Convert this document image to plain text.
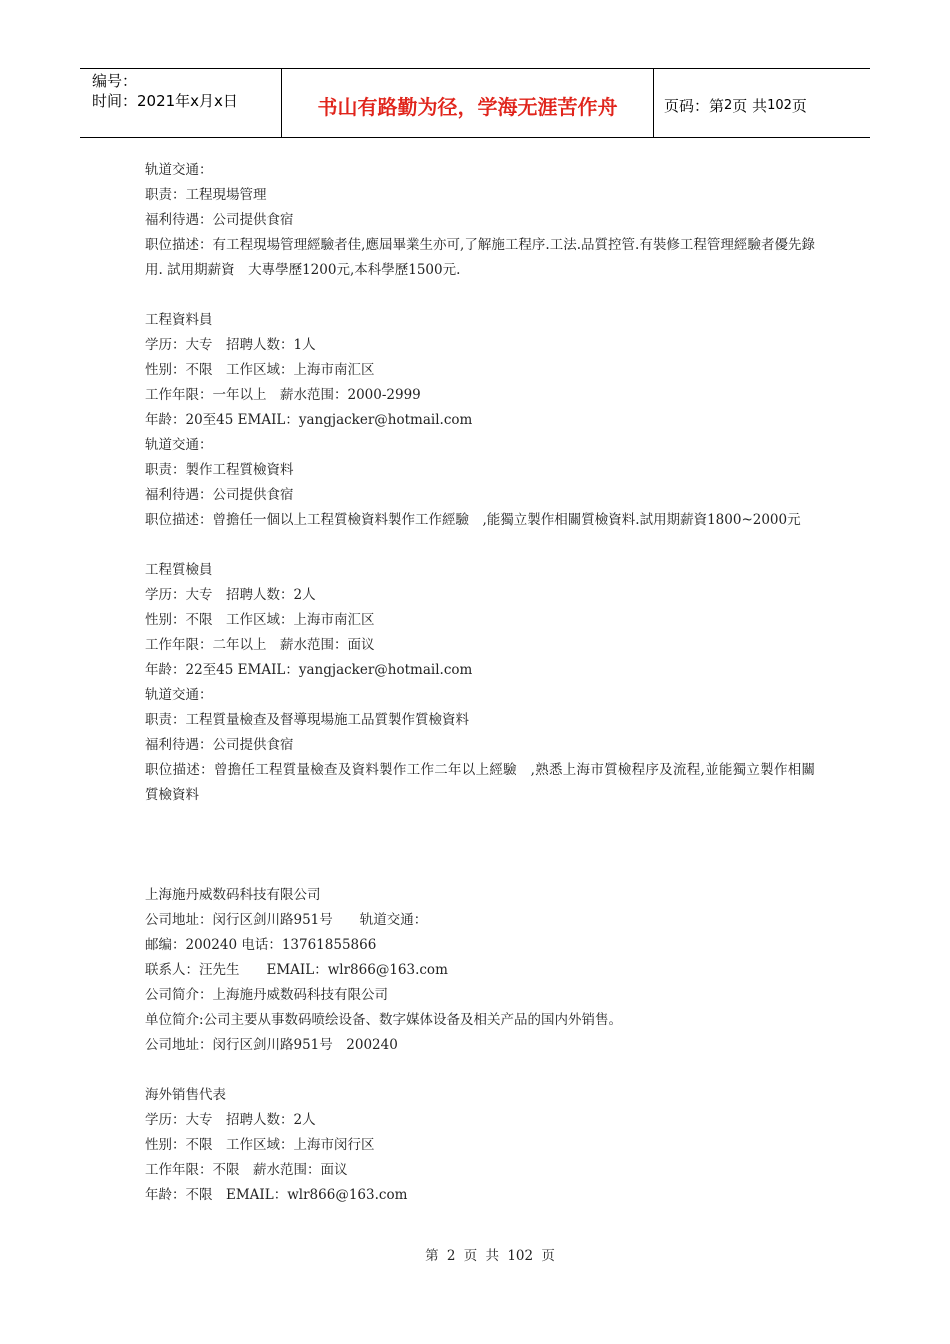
编号：
时间：2021年x月x日	书山有路勤为径，学海无涯苦作舟	页码：第 2 页 共 102 页
轨道交通：
职责：工程現場管理
福利待遇：公司提供食宿
职位描述：有工程現場管理經驗者佳,應屆畢業生亦可,了解施工程序.工法.品質控管.有裝修工程管理經驗者優先錄用. 試用期薪資　大專學歷1200元,本科學歷1500元.
工程資料員
学历：大专　招聘人数：1人
性别：不限　工作区域：上海市南汇区
工作年限：一年以上　薪水范围：2000-2999
年龄：20至45 EMAIL：yangjacker@hotmail.com
轨道交通：
职责：製作工程質檢資料
福利待遇：公司提供食宿
职位描述：曾擔任一個以上工程質檢資料製作工作經驗　,能獨立製作相關質檢資料.試用期薪資1800~2000元
工程質檢員
学历：大专　招聘人数：2人
性别：不限　工作区域：上海市南汇区
工作年限：二年以上　薪水范围：面议
年龄：22至45 EMAIL：yangjacker@hotmail.com
轨道交通：
职责：工程質量檢查及督導現場施工品質製作質檢資料
福利待遇：公司提供食宿
职位描述：曾擔任工程質量檢查及資料製作工作二年以上經驗　,熟悉上海市質檢程序及流程,並能獨立製作相關質檢資料
上海施丹威数码科技有限公司
公司地址：闵行区剑川路951号　　轨道交通：
邮编：200240 电话：13761855866
联系人：汪先生　　EMAIL：wlr866@163.com
公司简介：上海施丹威数码科技有限公司
单位简介:公司主要从事数码喷绘设备、数字媒体设备及相关产品的国内外销售。
公司地址：闵行区剑川路951号　200240
海外销售代表
学历：大专　招聘人数：2人
性别：不限　工作区域：上海市闵行区
工作年限：不限　薪水范围：面议
年龄：不限　EMAIL：wlr866@163.com
第 2 页 共 102 页
